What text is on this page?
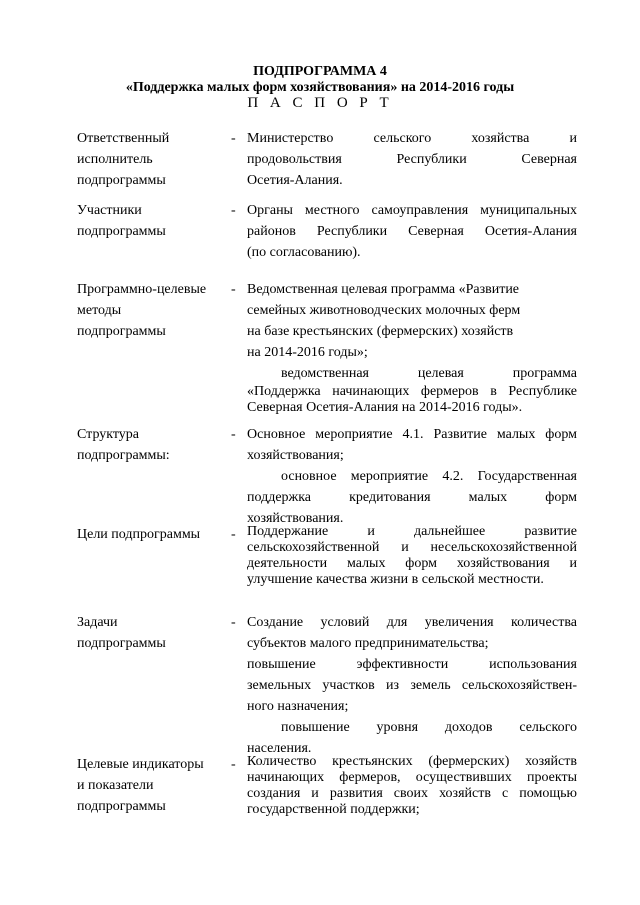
ПОДПРОГРАММА 4
«Поддержка малых форм хозяйствования» на 2014-2016 годы
П А С П О Р Т
Ответственный
исполнитель
подпрограммы
- Министерство сельского хозяйства и
продовольствия Республики Северная
Осетия-Алания.
Участники
подпрограммы
- Органы местного самоуправления муниципальных
районов Республики Северная Осетия-Алания
(по согласованию).
Программно-целевые
методы
подпрограммы
- Ведомственная целевая программа «Развитие
семейных животноводческих молочных ферм
на базе крестьянских (фермерских) хозяйств
на 2014-2016 годы»;
ведомственная целевая программа
«Поддержка начинающих фермеров в Республике
Северная Осетия-Алания на 2014-2016 годы».
Структура
подпрограммы:
- Основное мероприятие 4.1. Развитие малых форм
хозяйствования;
основное мероприятие 4.2. Государственная
поддержка кредитования малых форм
хозяйствования.
Цели подпрограммы	- Поддержание и дальнейшее развитие
сельскохозяйственной и несельскохозяйственной
деятельности малых форм хозяйствования и
улучшение качества жизни в сельской местности.
Задачи
подпрограммы
- Создание условий для увеличения количества
субъектов малого предпринимательства;
повышение эффективности использования
земельных участков из земель сельскохозяйствен-
ного назначения;
повышение уровня доходов сельского
населения.
Целевые индикаторы
и показатели
подпрограммы
- Количество крестьянских (фермерских) хозяйств
начинающих фермеров, осуществивших проекты
создания и развития своих хозяйств с помощью
государственной поддержки;
